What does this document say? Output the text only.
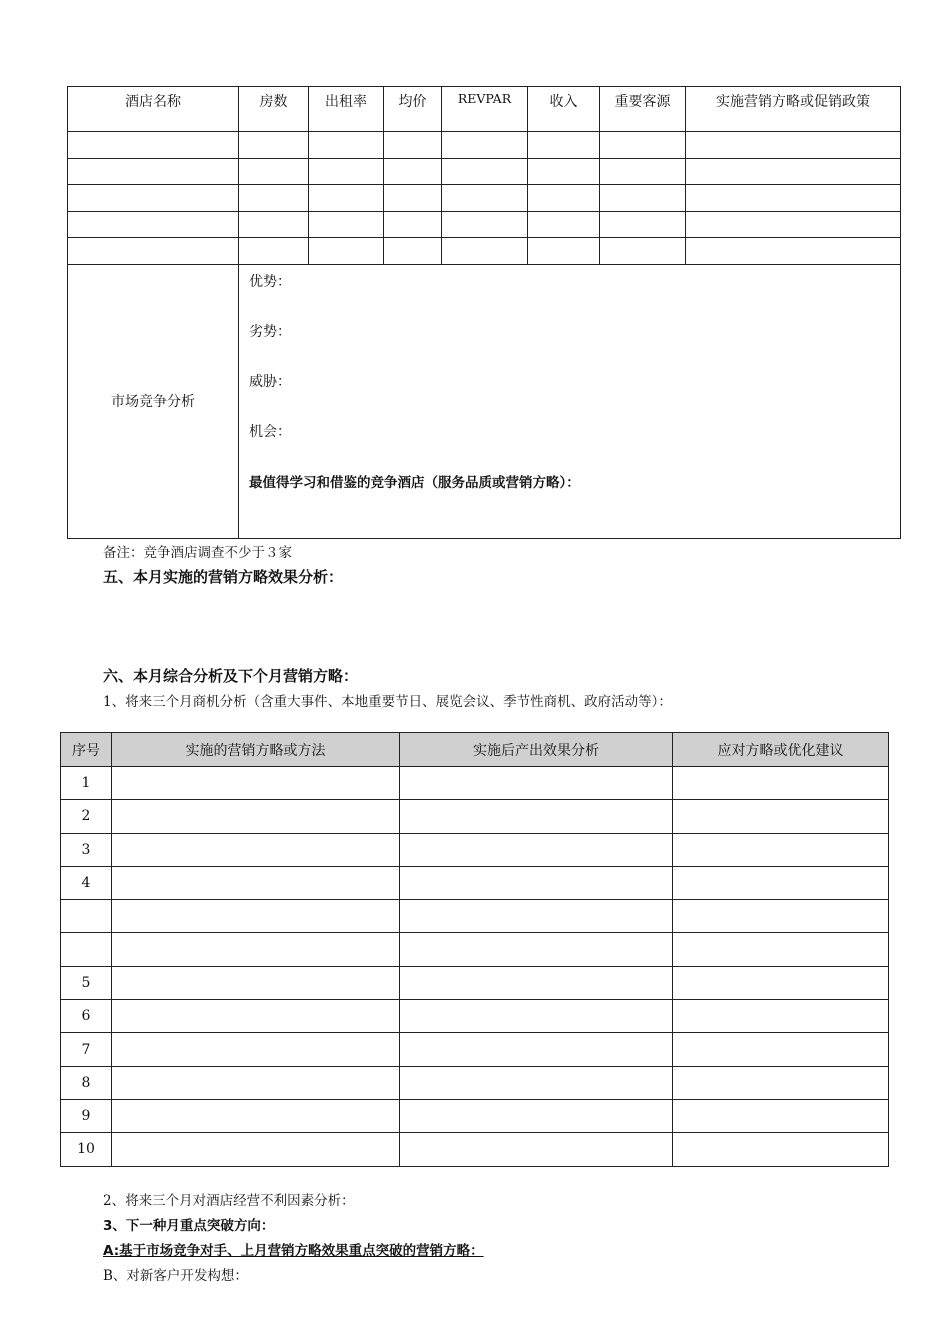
酒店名称	房数	出租率	均价	REVPAR	收入	重要客源	实施营销方略或促销政策

市场竞争分析	优势：
劣势：
威胁：
机会：
最值得学习和借鉴的竞争酒店（服务品质或营销方略）：						
备注：竞争酒店调查不少于３家
五、本月实施的营销方略效果分析：
六、本月综合分析及下个月营销方略：
1、将来三个月商机分析（含重大事件、本地重要节日、展览会议、季节性商机、政府活动等）：
序号	实施的营销方略或方法	实施后产出效果分析	应对方略或优化建议
1			
2			
3			
4			

5			
6			
7			
8			
9			
10			
2、将来三个月对酒店经营不利因素分析：
3、下一种月重点突破方向：
A:基于市场竞争对手、上月营销方略效果重点突破的营销方略：
B、对新客户开发构想：
